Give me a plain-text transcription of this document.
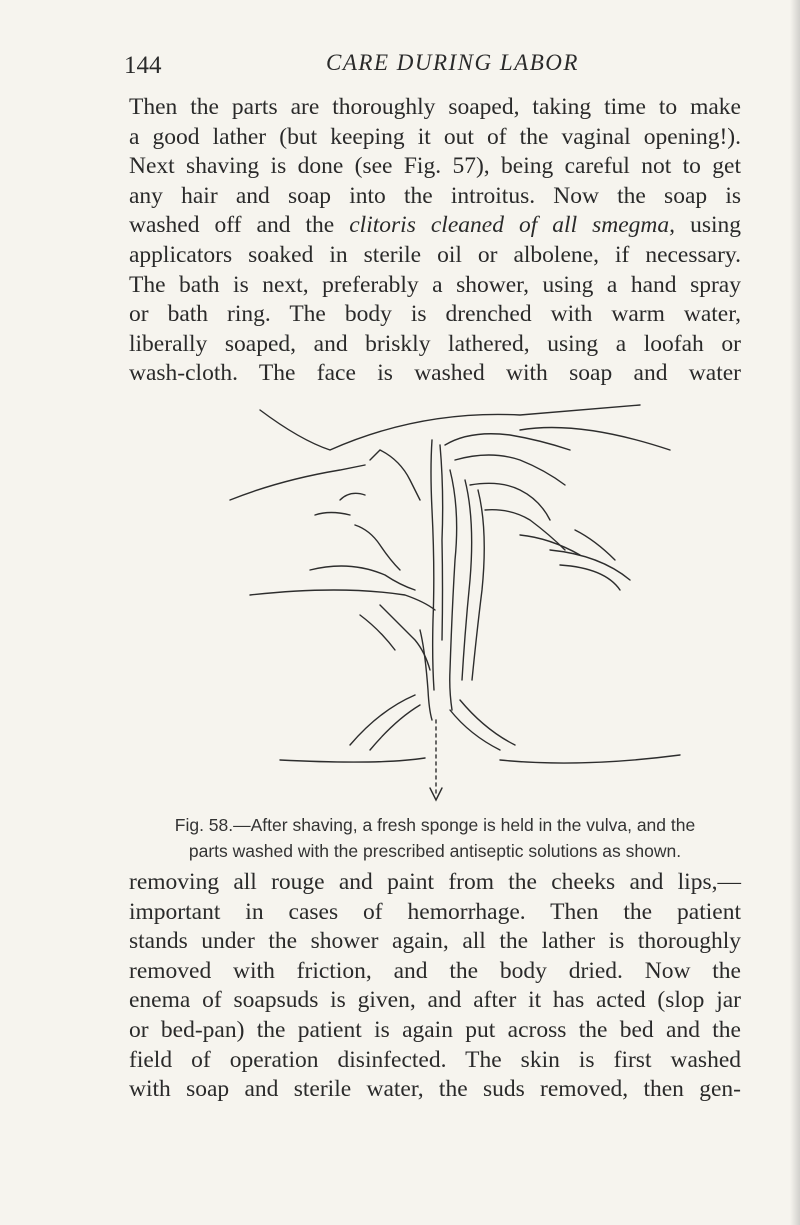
144	CARE DURING LABOR
Then the parts are thoroughly soaped, taking time to make
a good lather (but keeping it out of the vaginal opening!).
Next shaving is done (see Fig. 57), being careful not to get
any hair and soap into the introitus. Now the soap is
washed off and the clitoris cleaned of all smegma, using
applicators soaked in sterile oil or albolene, if necessary.
The bath is next, preferably a shower, using a hand spray
or bath ring. The body is drenched with warm water,
liberally soaped, and briskly lathered, using a loofah or
wash-cloth. The face is washed with soap and water
Fig. 58.—After shaving, a fresh sponge is held in the vulva, and the
parts washed with the prescribed antiseptic solutions as shown.
removing all rouge and paint from the cheeks and lips,—
important in cases of hemorrhage. Then the patient
stands under the shower again, all the lather is thoroughly
removed with friction, and the body dried. Now the
enema of soapsuds is given, and after it has acted (slop jar
or bed-pan) the patient is again put across the bed and the
field of operation disinfected. The skin is first washed
with soap and sterile water, the suds removed, then gen-
